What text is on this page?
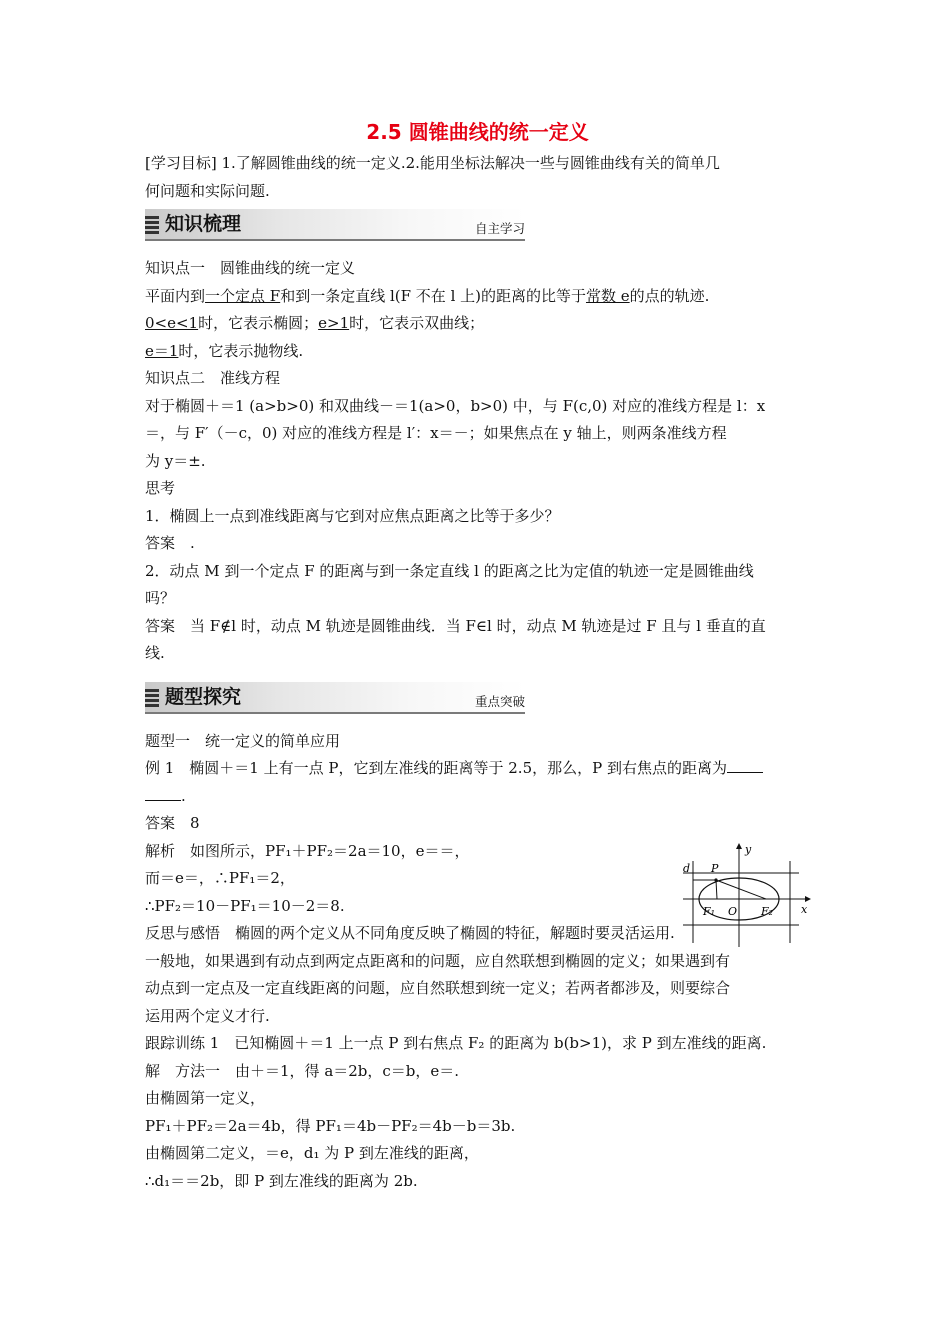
2.5 圆锥曲线的统一定义
[学习目标] 1.了解圆锥曲线的统一定义.2.能用坐标法解决一些与圆锥曲线有关的简单几
何问题和实际问题.
知识梳理	自主学习
知识点一　圆锥曲线的统一定义
平面内到一个定点 F和到一条定直线 l(F 不在 l 上)的距离的比等于常数 e的点的轨迹.
0<e<1时，它表示椭圆；e>1时，它表示双曲线；
e＝1时，它表示抛物线.
知识点二　准线方程
对于椭圆＋＝1 (a>b>0) 和双曲线－＝1(a>0，b>0) 中，与 F(c,0) 对应的准线方程是 l：x
＝，与 F′（－c，0) 对应的准线方程是 l′：x＝－；如果焦点在 y 轴上，则两条准线方程
为 y＝±.
思考
1．椭圆上一点到准线距离与它到对应焦点距离之比等于多少？
答案　.
2．动点 M 到一个定点 F 的距离与到一条定直线 l 的距离之比为定值的轨迹一定是圆锥曲线
吗？
答案　当 F∉l 时，动点 M 轨迹是圆锥曲线．当 F∈l 时，动点 M 轨迹是过 F 且与 l 垂直的直
线.
题型探究	重点突破
题型一　统一定义的简单应用
例 1　椭圆＋＝1 上有一点 P，它到左准线的距离等于 2.5，那么，P 到右焦点的距离为
.
答案　8
解析　如图所示，PF₁＋PF₂＝2a＝10，e＝＝，
而＝e＝，∴PF₁＝2，
∴PF₂＝10－PF₁＝10－2＝8.
反思与感悟　椭圆的两个定义从不同角度反映了椭圆的特征，解题时要灵活运用.
一般地，如果遇到有动点到两定点距离和的问题，应自然联想到椭圆的定义；如果遇到有
动点到一定点及一定直线距离的问题，应自然联想到统一定义；若两者都涉及，则要综合
运用两个定义才行.
跟踪训练 1　已知椭圆＋＝1 上一点 P 到右焦点 F₂ 的距离为 b(b>1)，求 P 到左准线的距离.
解　方法一　由＋＝1，得 a＝2b，c＝b，e＝.
由椭圆第一定义，
PF₁＋PF₂＝2a＝4b，得 PF₁＝4b－PF₂＝4b－b＝3b.
由椭圆第二定义，＝e，d₁ 为 P 到左准线的距离，
∴d₁＝＝2b，即 P 到左准线的距离为 2b.
d P
y
x
F₁ O F₂
